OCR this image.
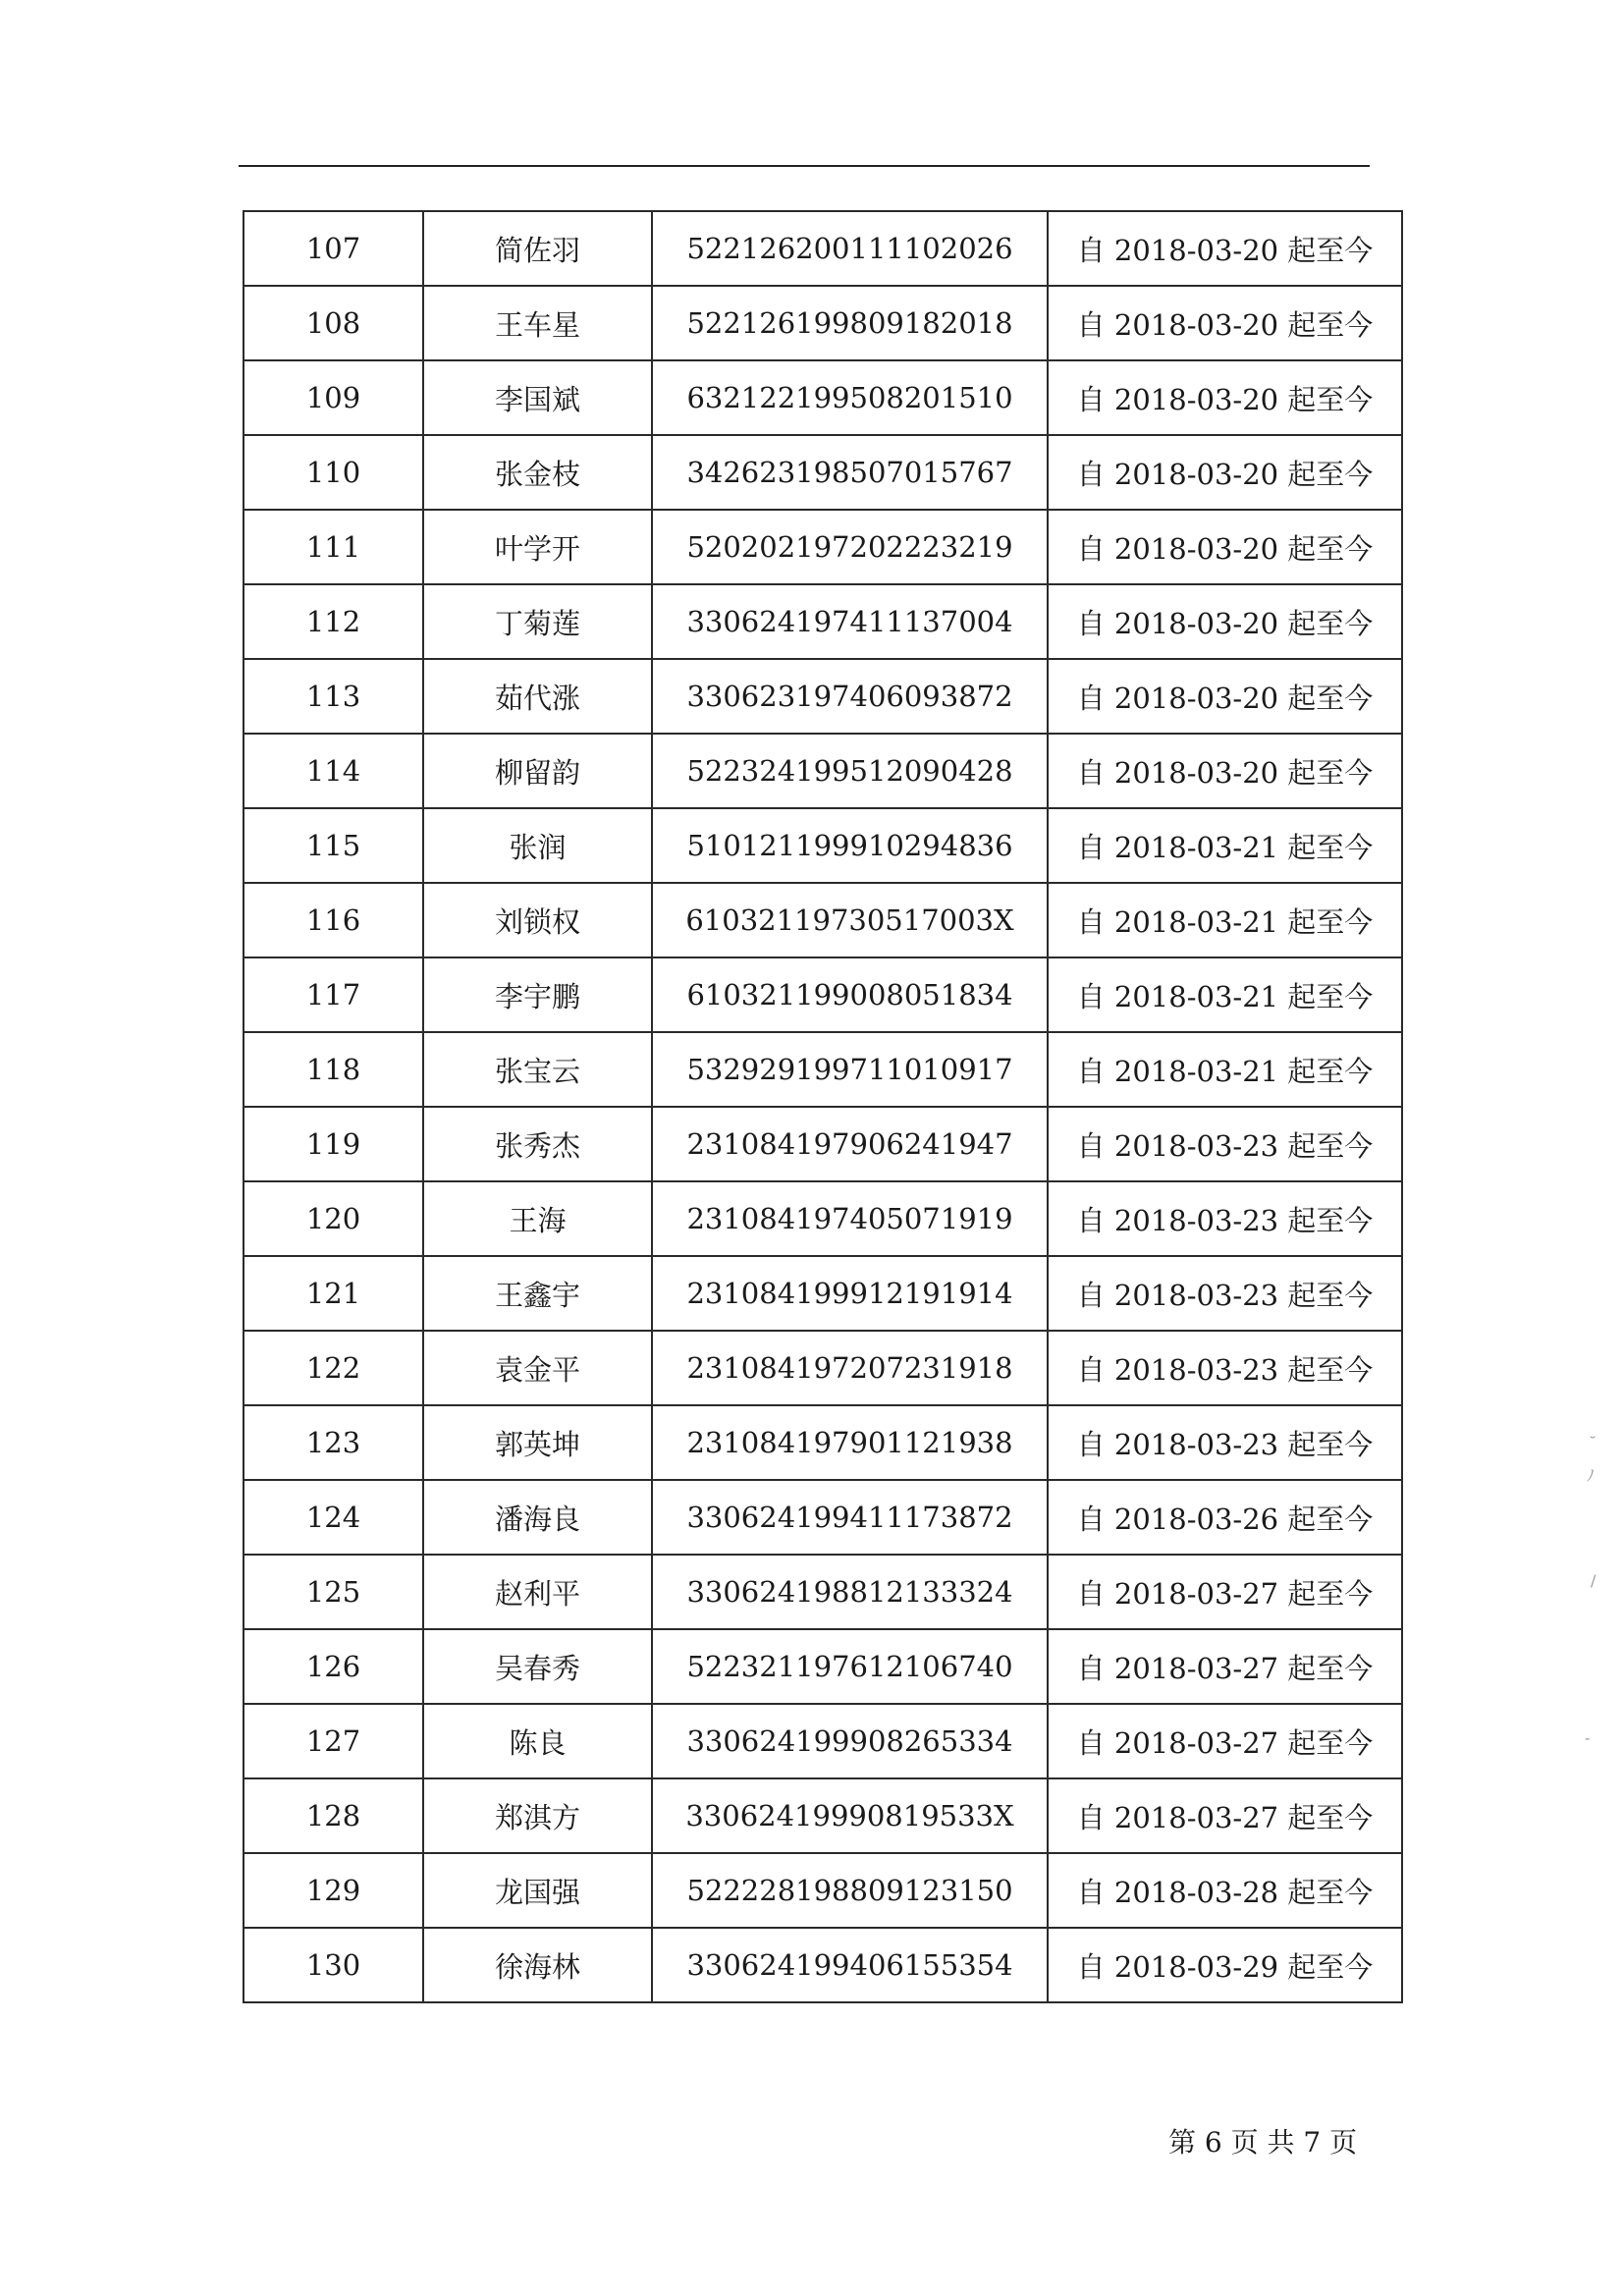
107	简佐羽	522126200111102026	自 2018-03-20 起至今
108	王车星	522126199809182018	自 2018-03-20 起至今
109	李国斌	632122199508201510	自 2018-03-20 起至今
110	张金枝	342623198507015767	自 2018-03-20 起至今
111	叶学开	520202197202223219	自 2018-03-20 起至今
112	丁菊莲	330624197411137004	自 2018-03-20 起至今
113	茹代涨	330623197406093872	自 2018-03-20 起至今
114	柳留韵	522324199512090428	自 2018-03-20 起至今
115	张润	510121199910294836	自 2018-03-21 起至今
116	刘锁权	61032119730517003X	自 2018-03-21 起至今
117	李宇鹏	610321199008051834	自 2018-03-21 起至今
118	张宝云	532929199711010917	自 2018-03-21 起至今
119	张秀杰	231084197906241947	自 2018-03-23 起至今
120	王海	231084197405071919	自 2018-03-23 起至今
121	王鑫宇	231084199912191914	自 2018-03-23 起至今
122	袁金平	231084197207231918	自 2018-03-23 起至今
123	郭英坤	231084197901121938	自 2018-03-23 起至今
124	潘海良	330624199411173872	自 2018-03-26 起至今
125	赵利平	330624198812133324	自 2018-03-27 起至今
126	吴春秀	522321197612106740	自 2018-03-27 起至今
127	陈良	330624199908265334	自 2018-03-27 起至今
128	郑淇方	33062419990819533X	自 2018-03-27 起至今
129	龙国强	522228198809123150	自 2018-03-28 起至今
130	徐海林	330624199406155354	自 2018-03-29 起至今
第 6 页 共 7 页
˘
ﾉ
/
-
